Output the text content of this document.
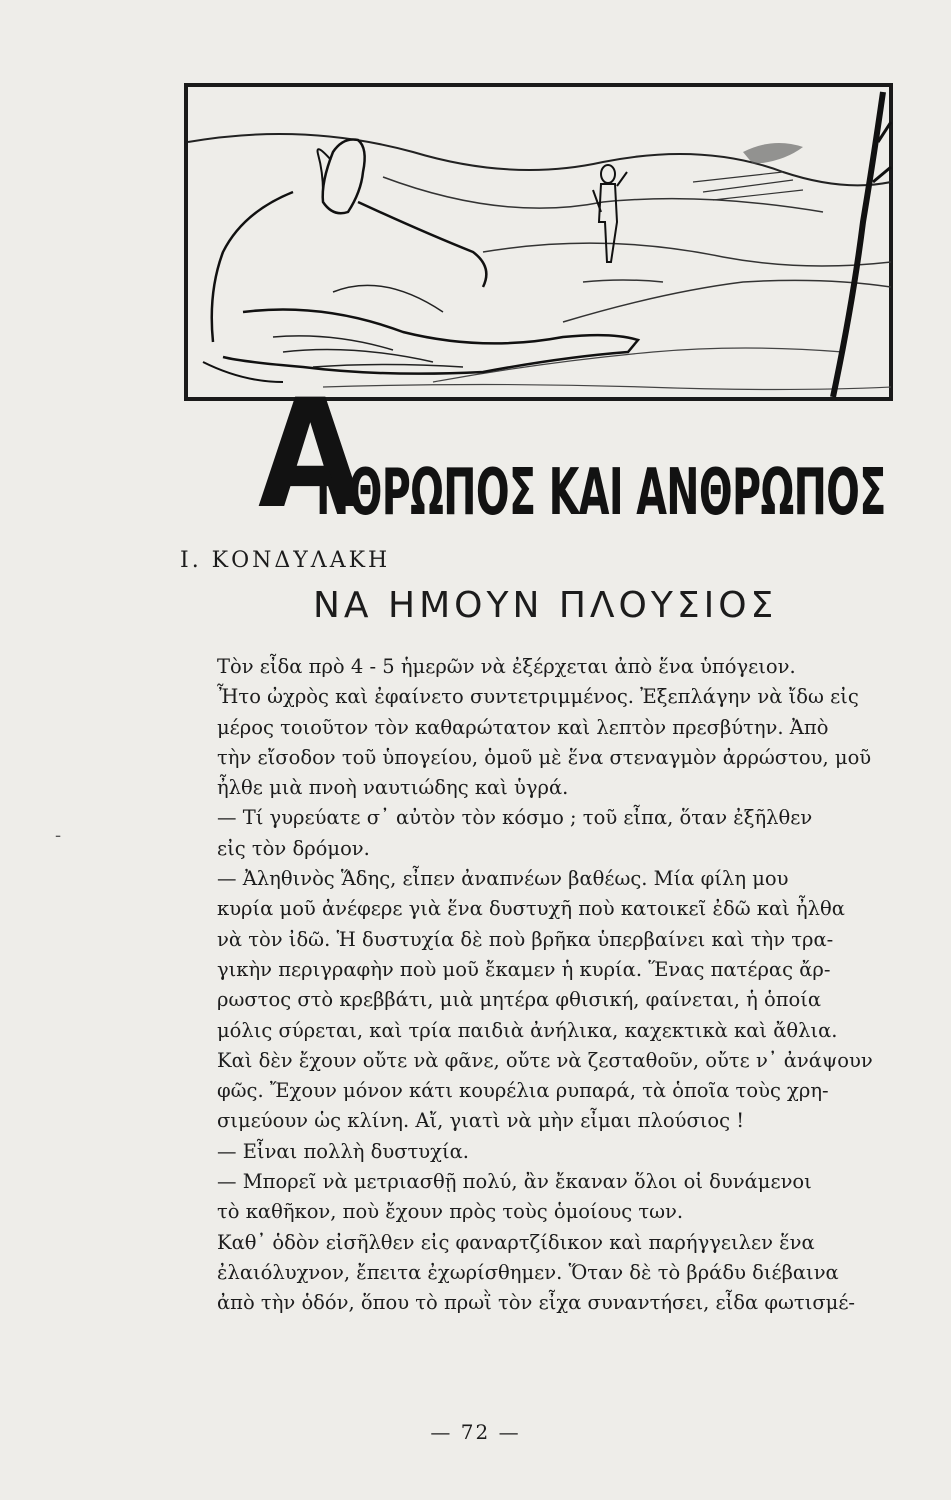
Α
ΝΘΡΩΠΟΣ ΚΑΙ ΑΝΘΡΩΠΟΣ
Ι. ΚΟΝΔΥΛΑΚΗ
ΝΑ ΗΜΟΥΝ ΠΛΟΥΣΙΟΣ
-

Τὸν εἶδα πρὸ 4 - 5 ἡμερῶν νὰ ἐξέρχεται ἀπὸ ἕνα ὑπόγειον.
Ἦτο ὠχρὸς καὶ ἐφαίνετο συντετριμμένος. Ἐξεπλάγην νὰ ἴδω εἰς
μέρος τοιοῦτον τὸν καθαρώτατον καὶ λεπτὸν πρεσβύτην. Ἀπὸ
τὴν εἴσοδον τοῦ ὑπογείου, ὁμοῦ μὲ ἕνα στεναγμὸν ἀρρώστου, μοῦ
ἦλθε μιὰ πνοὴ ναυτιώδης καὶ ὑγρά.

— Τί γυρεύατε σ᾽ αὐτὸν τὸν κόσμο ; τοῦ εἶπα, ὅταν ἐξῆλθεν
εἰς τὸν δρόμον.

— Ἀληθινὸς Ἅδης, εἶπεν ἀναπνέων βαθέως. Μία φίλη μου
κυρία μοῦ ἀνέφερε γιὰ ἕνα δυστυχῆ ποὺ κατοικεῖ ἐδῶ καὶ ἦλθα
νὰ τὸν ἰδῶ. Ἡ δυστυχία δὲ ποὺ βρῆκα ὑπερβαίνει καὶ τὴν τρα-
γικὴν περιγραφὴν ποὺ μοῦ ἔκαμεν ἡ κυρία. Ἕνας πατέρας ἄρ-
ρωστος στὸ κρεββάτι, μιὰ μητέρα φθισική, φαίνεται, ἡ ὁποία
μόλις σύρεται, καὶ τρία παιδιὰ ἀνήλικα, καχεκτικὰ καὶ ἄθλια.
Καὶ δὲν ἔχουν οὔτε νὰ φᾶνε, οὔτε νὰ ζεσταθοῦν, οὔτε ν᾽ ἀνάψουν
φῶς. Ἔχουν μόνον κάτι κουρέλια ρυπαρά, τὰ ὁποῖα τοὺς χρη-
σιμεύουν ὡς κλίνη. Αἴ, γιατὶ νὰ μὴν εἶμαι πλούσιος !

— Εἶναι πολλὴ δυστυχία.

— Μπορεῖ νὰ μετριασθῇ πολύ, ἂν ἔκαναν ὅλοι οἱ δυνάμενοι
τὸ καθῆκον, ποὺ ἔχουν πρὸς τοὺς ὁμοίους των.

Καθ᾽ ὁδὸν εἰσῆλθεν εἰς φαναρτζίδικον καὶ παρήγγειλεν ἕνα
ἐλαιόλυχνον, ἔπειτα ἐχωρίσθημεν. Ὅταν δὲ τὸ βράδυ διέβαινα
ἀπὸ τὴν ὁδόν, ὅπου τὸ πρωῒ τὸν εἶχα συναντήσει, εἶδα φωτισμέ-

— 72 —
